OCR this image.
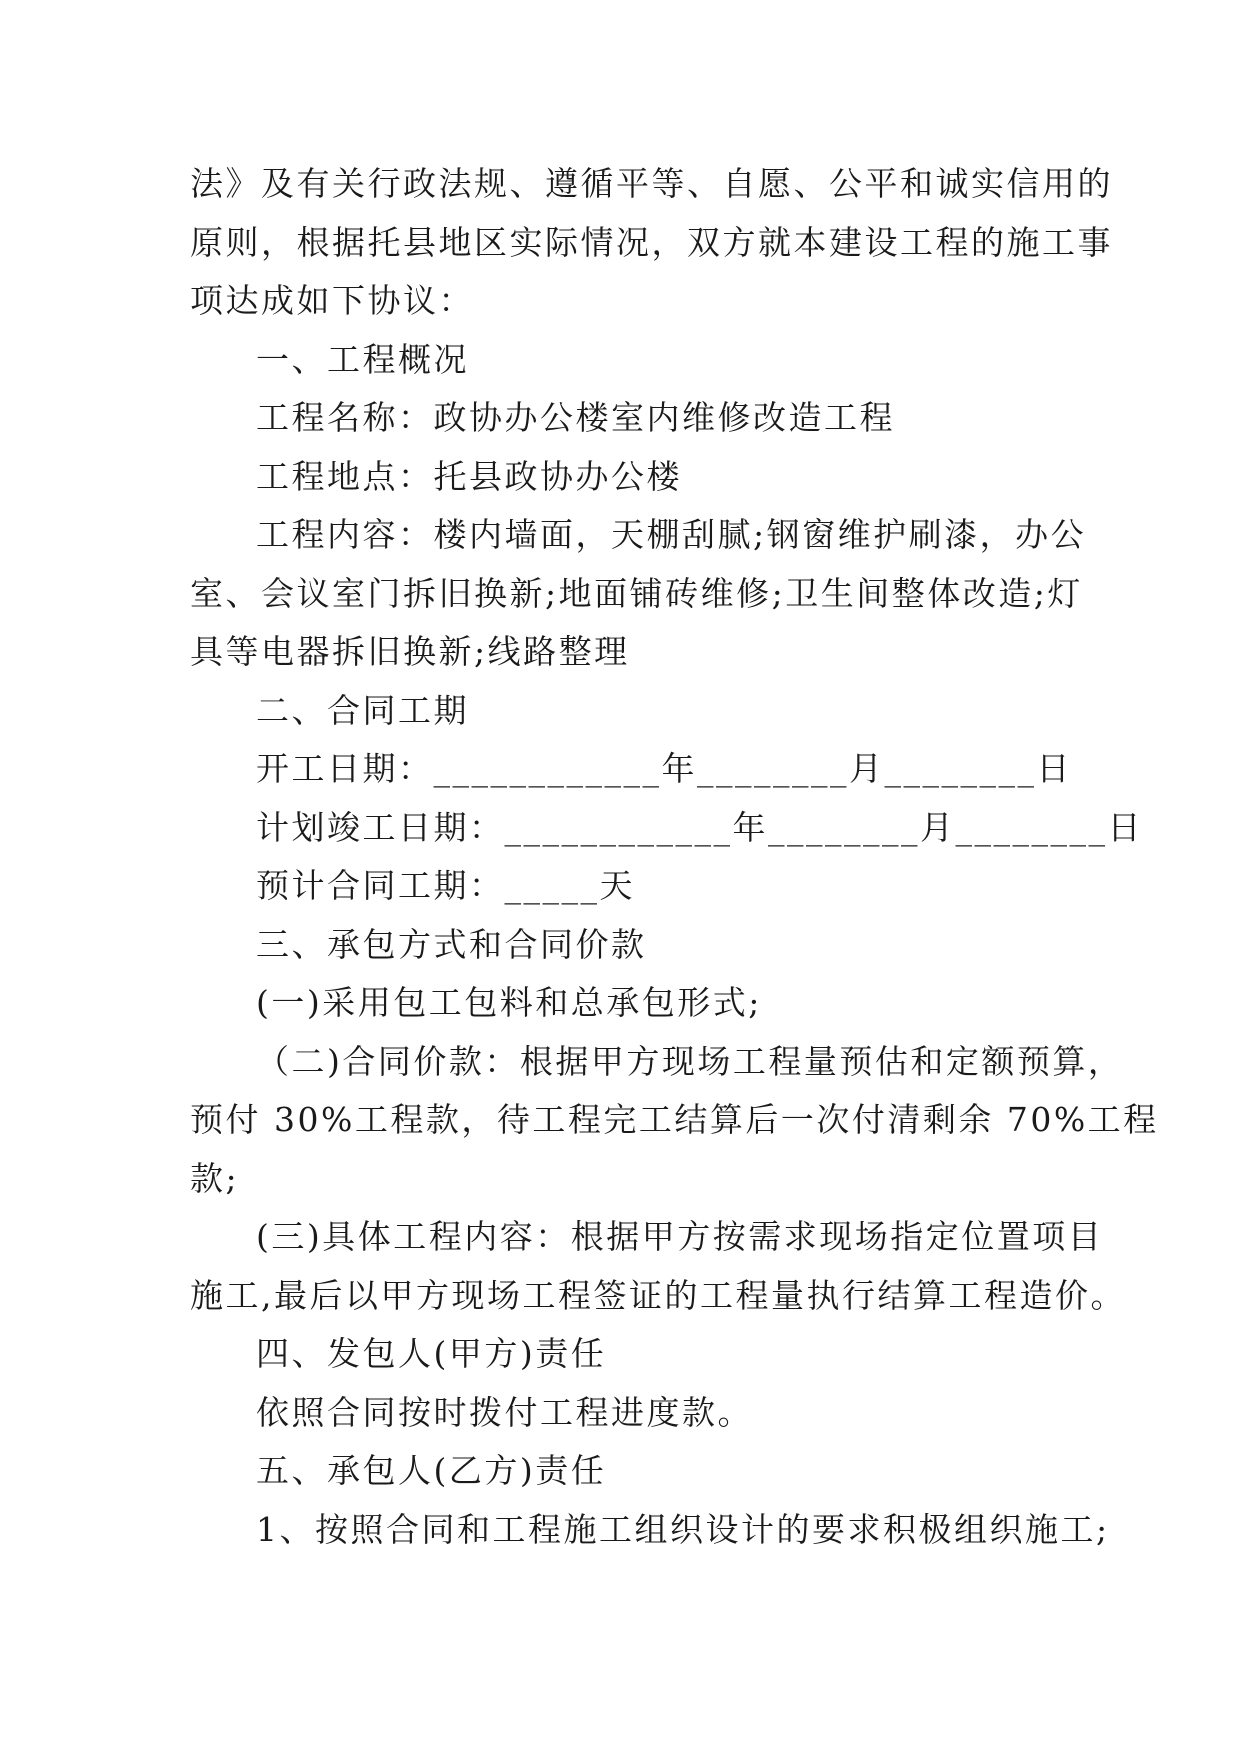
法》及有关行政法规、遵循平等、自愿、公平和诚实信用的
原则，根据托县地区实际情况，双方就本建设工程的施工事
项达成如下协议：
一、工程概况
工程名称：政协办公楼室内维修改造工程
工程地点：托县政协办公楼
工程内容：楼内墙面，天棚刮腻;钢窗维护刷漆，办公
室、会议室门拆旧换新;地面铺砖维修;卫生间整体改造;灯
具等电器拆旧换新;线路整理
二、合同工期
开工日期：____________年________月________日
计划竣工日期：____________年________月________日
预计合同工期：_____天
三、承包方式和合同价款
(一)采用包工包料和总承包形式;
（二)合同价款：根据甲方现场工程量预估和定额预算，
预付 30%工程款，待工程完工结算后一次付清剩余 70%工程
款;
(三)具体工程内容：根据甲方按需求现场指定位置项目
施工,最后以甲方现场工程签证的工程量执行结算工程造价。
四、发包人(甲方)责任
依照合同按时拨付工程进度款。
五、承包人(乙方)责任
1、按照合同和工程施工组织设计的要求积极组织施工;
